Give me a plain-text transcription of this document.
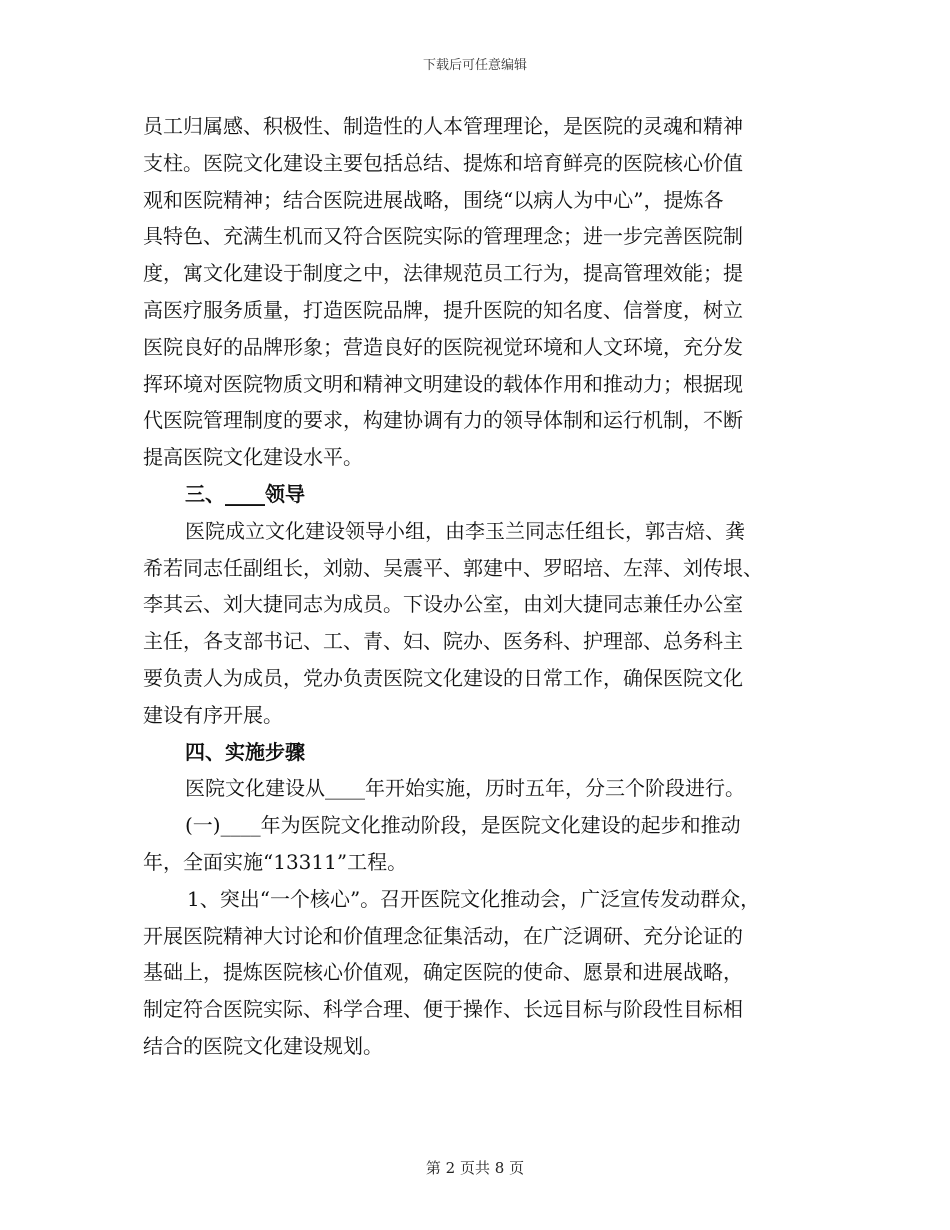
下载后可任意编辑
员工归属感、积极性、制造性的人本管理理论，是医院的灵魂和精神
支柱。医院文化建设主要包括总结、提炼和培育鲜亮的医院核心价值
观和医院精神；结合医院进展战略，围绕“以病人为中心”，提炼各
具特色、充满生机而又符合医院实际的管理理念；进一步完善医院制
度，寓文化建设于制度之中，法律规范员工行为，提高管理效能；提
高医疗服务质量，打造医院品牌，提升医院的知名度、信誉度，树立
医院良好的品牌形象；营造良好的医院视觉环境和人文环境，充分发
挥环境对医院物质文明和精神文明建设的载体作用和推动力；根据现
代医院管理制度的要求，构建协调有力的领导体制和运行机制，不断
提高医院文化建设水平。
三、____领导
医院成立文化建设领导小组，由李玉兰同志任组长，郭吉焙、龚
希若同志任副组长，刘勍、吴震平、郭建中、罗昭培、左萍、刘传垠、
李其云、刘大捷同志为成员。下设办公室，由刘大捷同志兼任办公室
主任，各支部书记、工、青、妇、院办、医务科、护理部、总务科主
要负责人为成员，党办负责医院文化建设的日常工作，确保医院文化
建设有序开展。
四、实施步骤
医院文化建设从____年开始实施，历时五年，分三个阶段进行。
(一)____年为医院文化推动阶段，是医院文化建设的起步和推动
年，全面实施“13311”工程。
1、突出“一个核心”。召开医院文化推动会，广泛宣传发动群众，
开展医院精神大讨论和价值理念征集活动，在广泛调研、充分论证的
基础上，提炼医院核心价值观，确定医院的使命、愿景和进展战略，
制定符合医院实际、科学合理、便于操作、长远目标与阶段性目标相
结合的医院文化建设规划。
第 2 页共 8 页
